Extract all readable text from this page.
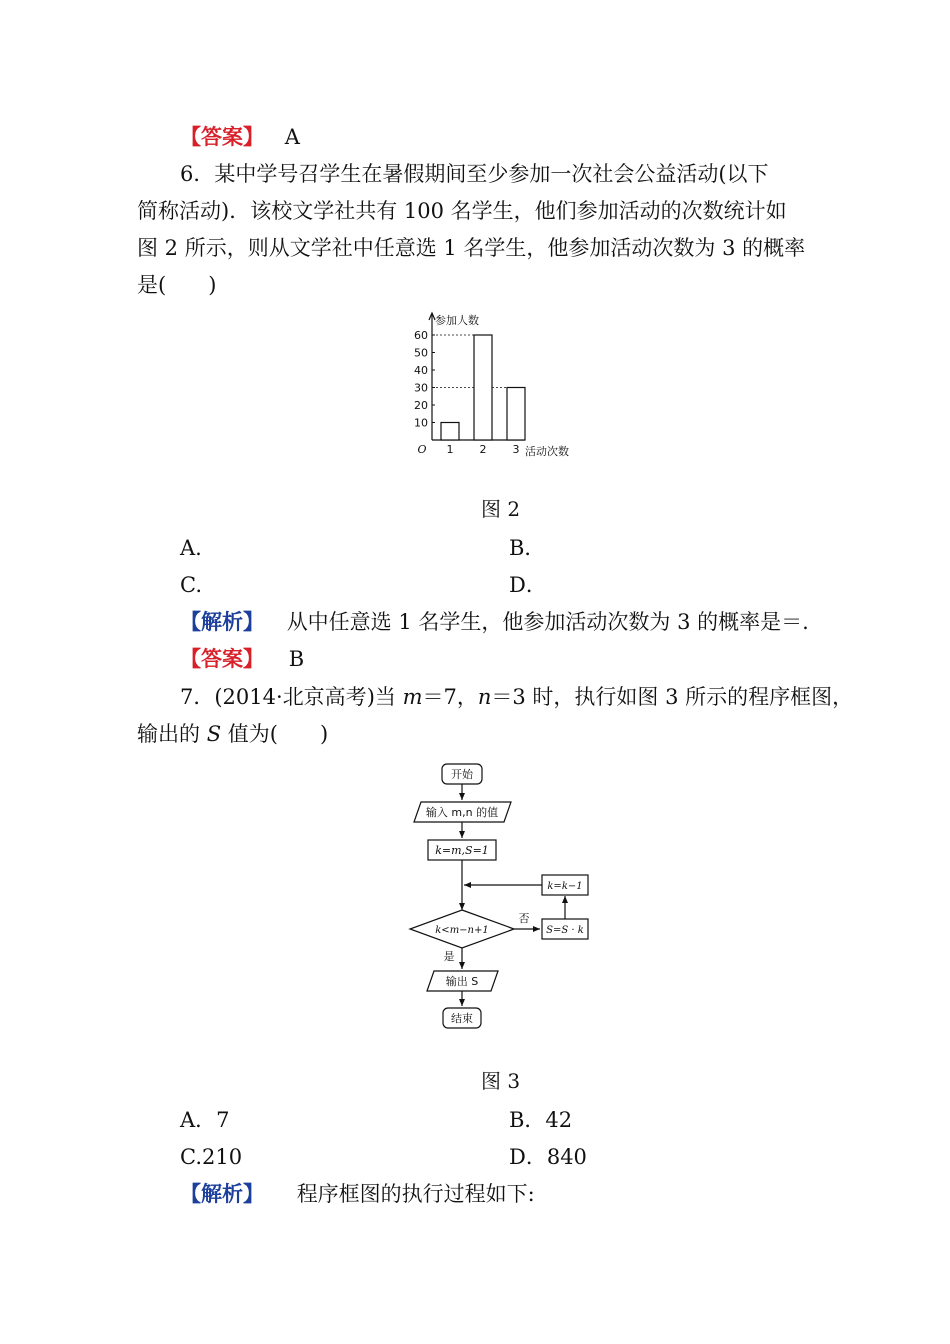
【答案】 A
6．某中学号召学生在暑假期间至少参加一次社会公益活动(以下
简称活动)．该校文学社共有 100 名学生，他们参加活动的次数统计如
图 2 所示，则从文学社中任意选 1 名学生，他参加活动次数为 3 的概率
是(　　)
10
20
30
40
50
60
1 2 3
参加人数
O	活动次数
图 2
A.	B．
C.	D．
【解析】 从中任意选 1 名学生，他参加活动次数为 3 的概率是＝.
【答案】 B
7．(2014·北京高考)当 m＝7，n＝3 时，执行如图 3 所示的程序框图，
输出的 S 值为(　　)
开始
输入 m,n 的值
k=m,S=1
k<m−n+1
否
是
S=S · k
k=k−1
输出 S
结束
图 3
A．7	B．42
C.210	D．840
【解析】 程序框图的执行过程如下:
